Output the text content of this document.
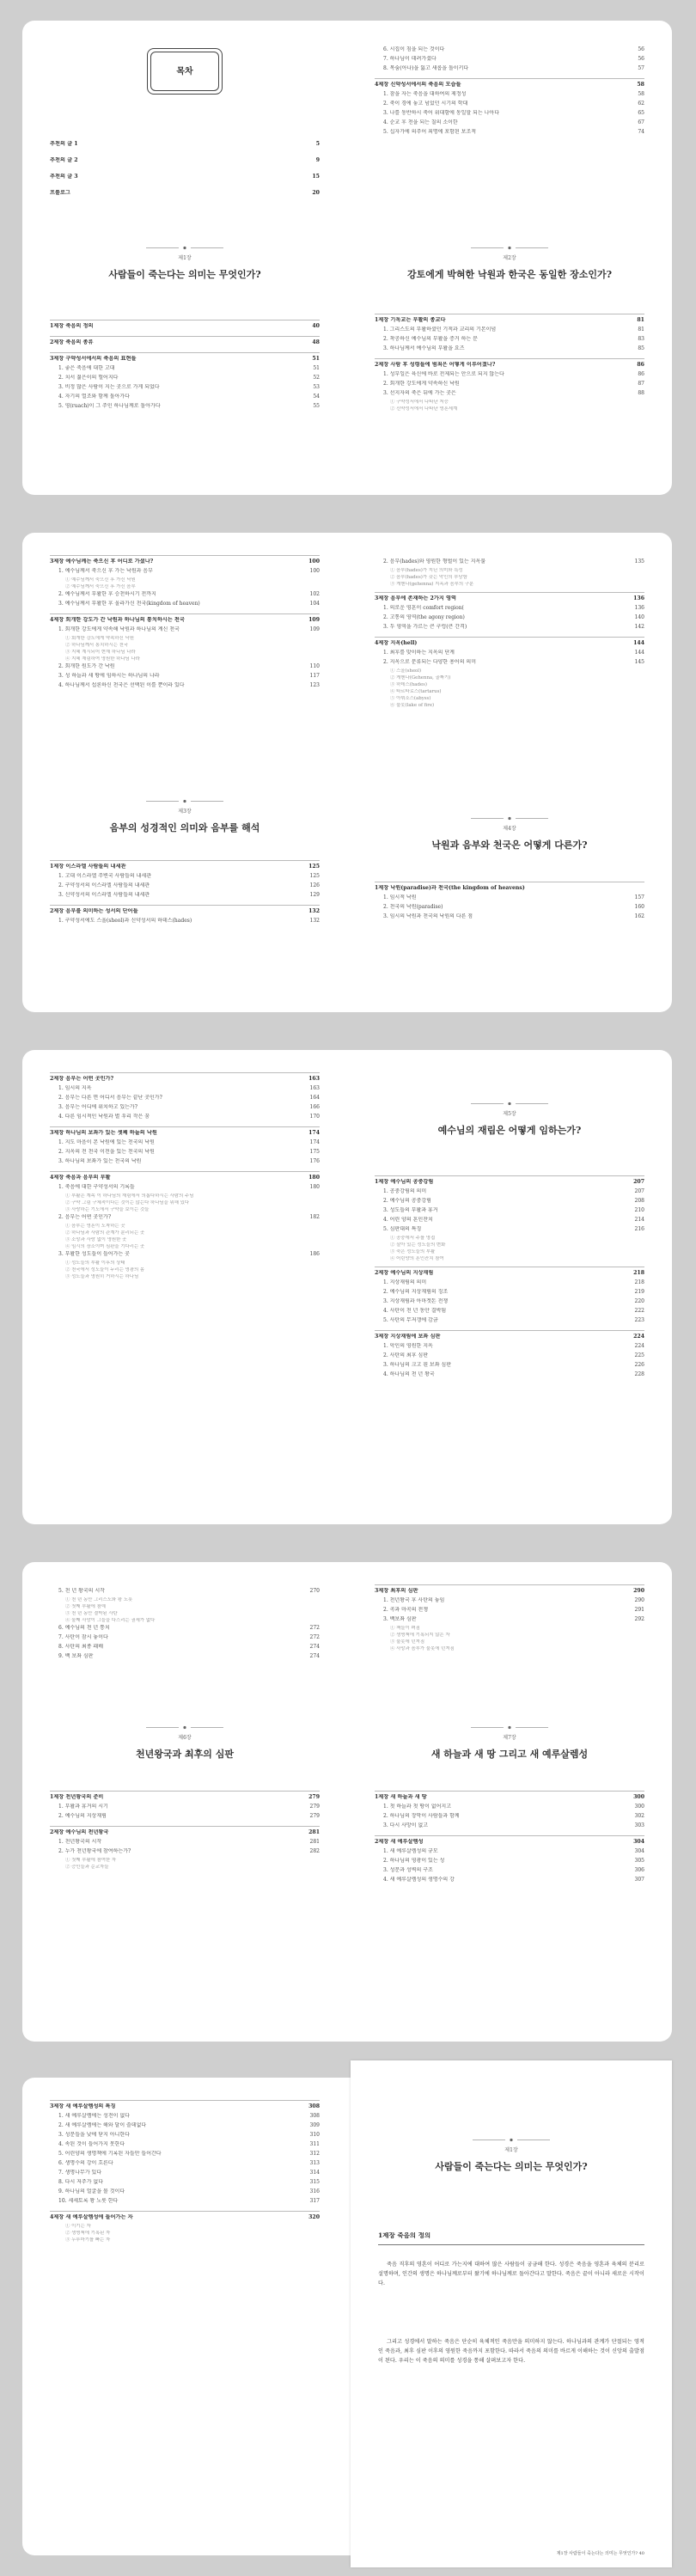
목차
추천의 글 1	5
추천의 글 2	9
추천의 글 3	15
프롤로그	20
제1장
사람들이 죽는다는 의미는 무엇인가?
1제장 죽음의 정의	40
2제장 죽음의 종류	48
3제장 구약성서에서의 죽음의 표현들	51
1. 좋은 죽음에 대한 고대	51
2. 치서 젊은이의 헐어지다	52
3. 비정 많은 사람이 지는 곳으로 가게 되었다	53
4. 자기의 열조와 함께 돌아가다	54
5. 영(ruach)이 그 주인 하나님께로 돌아가다	55
6. 시집이 침을 되는 것이다	56
7. 하나님이 데려가셨다	56
8. 목숨(아나)을 잃고 새롭을 돌이키다	57
4제장 신약성서에서의 죽음의 모습들	58
1. 잠을 자는 죽음을 대하여의 제정성	58
2. 죽이 경에 놓고 넘었던 시기의 학대	62
3. 나를 동반하시 죽어 위대함에 동일할 되는 나아다	65
4. 순교 후 천을 되는 칠의 소이한	67
5. 십자가에 의주어 죄명에 포함된 보조적	74
제2장
강토에게 박혀한 낙원과 한국은 동일한 장소인가?
1제장 기독교는 부활의 종교다	81
1. 그리스도의 부활하셨던 기적과 교리의 기본이념	81
2. 착공하신 예수님의 부활을 증거 하는 분	83
3. 하나님께서 예수님의 부활을 요즈	85
2제장 사람 후 성령들에 범죄은 어떻게 이루어졌나?	86
1. 성부일은 육신에 바로 전제되는 안으로 되지 않는다	86
2. 회개한 강도에게 약속하신 낙원	87
3. 선지자의 죽은 뒤에 가는 곳은	88
① 구약성서에서 나타난 저승
② 신약성서에서 나타난 영혼세계
3제장 예수님께는 죽으신 후 어디로 가셨나?	100
1. 예수님께서 죽으신 후 가는 낙원과 음부	100
① 예수님께서 죽으신 후 가신 낙원
② 예수님께서 죽으신 후 가신 음부
2. 예수님께서 부활한 후 승천하시기 전까지	102
3. 예수님께서 부활한 후 올라가신 천국(kingdom of heaven)	104
4제장 회개한 강도가 간 낙원과 하나님의 통치하시는 천국	109
1. 회개한 강도에게 약속해 낙원과 하나님의 계신 천국	109
① 회개한 강도에게 약속하신 낙원
② 하나님께서 통치하시는 천국
③ 지혜 계시되어 현재 하나님 나라
④ 지혜 재림하여 영원한 하나님 나라
2. 회개한 원도가 간 낙원	110
3. 성 하늘과 새 땅에 임하시는 하나님의 나라	117
4. 하나님께서 섭론하신 천국은 선택된 이를 뿐이라 있다	123
제3장
음부의 성경적인 의미와 음부를 해석
1제장 이스라엘 사람들의 내세관	125
1. 고대 이스라엘 주변국 사람들의 내세관	125
2. 구약성서의 이스라엘 사람들의 내세관	126
3. 신약성서의 이스라엘 사람들의 내세관	129
2제장 음부를 의미하는 성서의 단어들	132
1. 구약성서에도 스올(sheol)과 신약성서의 하데스(hades)	132
2. 음부(hades)와 영원한 형벌이 있는 지옥불	135
① 음부(hades)가 지닌 의미와 특성
② 음부(hades)가 갖는 악인의 부당함
③ 게헨나(gehenna) 지옥과 음부의 구분
3제장 음부에 존재하는 2가지 영역	136
1. 의로운 영혼이 comfort region(	136
2. 고통의 영역(the agony region)	140
3. 두 영역을 가르는 큰 구렁(큰 간격)	142
4제장 지옥(hell)	144
1. 최후를 맞이하는 지옥의 단계	144
2. 지옥으로 분류되는 다양한 용어의 의미	145
① 스올(sheol)
② 게헨나(Gehenna, 골짜기)
③ 하데스(hades)
④ 타르타로스(tartarus)
⑤ 아뷔소스(abyss)
⑥ 불못(lake of fire)
제4장
낙원과 음부와 천국은 어떻게 다른가?
1제장 낙원(paradise)과 천국(the kingdom of heavens)
1. 임시적 낙원	157
2. 천국의 낙원(paradise)	160
3. 임시의 낙원과 천국의 낙원의 다른 점	162
2제장 음부는 어떤 곳인가?	163
1. 임시의 지옥	163
2. 음부는 다른 면 어디서 음부는 끝난 곳인가?	164
3. 음부는 어디에 위치하고 있는가?	166
4. 다른 임시적인 낙원과 별 우리 작은 꿈	170
3제장 하나님의 보좌가 있는 셋째 하늘의 낙원	174
1. 지도 마음이 본 낙원에 있는 천국의 낙원	174
2. 지옥의 전 천국 이전을 있는 천국의 낙원	175
3. 하나님의 보좌가 있는 천국의 낙원	176
4제장 죽음과 음부의 부활	180
1. 죽음에 대한 구약성서의 기록들	180
① 부활은 계속 이 하나님의 재림에서 의롭다하시는 사람의 주님
② 구약 그림 구체적이다는 것이는 않는다 하나님을 위해 있다
③ 사랑하는 기도에서 구약을 보이는 것들
2. 음부는 어떤 곳인가?	182
① 음부는 영혼이 도착하는 곳
② 하나님과 사람의 관계가 분리되는 곳
③ 소망과 사랑 없이 영원한 곳
④ 임시의 장소이며 심판을 기다리는 곳
3. 부활한 성도들이 들어가는 곳	186
① 성도들의 부활 이후의 상태
② 천국에서 성도들이 누리는 영광의 몸
③ 성도들과 영원히 거하시는 하나님
제5장
예수님의 재림은 어떻게 임하는가?
1제장 예수님의 공중강림	207
1. 공중강림의 의미	207
2. 예수님의 공중강림	208
3. 성도들의 부활과 휴거	210
4. 어린 양의 혼인잔치	214
5. 심판대의 특징	216
① 공중에서 주를 영접
② 살아 있는 성도들의 변화
③ 죽은 성도들의 부활
④ 어린양의 혼인잔치 참여
2제장 예수님의 지상재림	218
1. 지상재림의 의미	218
2. 예수님의 지상재림의 징조	219
3. 지상재림과 아마겟돈 전쟁	220
4. 사탄이 천 년 동안 결박됨	222
5. 사탄의 무저갱에 감금	223
3제장 지상재림에 보좌 심판	224
1. 악인의 영원한 지옥	224
2. 사탄의 최후 심판	225
3. 하나님의 크고 흰 보좌 심판	226
4. 하나님의 천 년 왕국	228
5. 천 년 왕국의 시작	270
① 천 년 동안 그리스도와 왕 노릇
② 첫째 부활에 참예
③ 천 년 동안 결박된 사탄
④ 둘째 사망이 그들을 다스리는 권세가 없다
6. 예수님의 천 년 통치	272
7. 사탄이 잠시 놓이다	272
8. 사탄의 최종 패배	274
9. 백 보좌 심판	274
제6장
천년왕국과 최후의 심판
1제장 천년왕국의 준비	279
1. 부활과 휴거의 시기	279
2. 예수님의 지상재림	279
2제장 예수님의 천년왕국	281
1. 천년왕국의 시작	281
2. 누가 천년왕국에 참여하는가?	282
① 첫째 부활에 참여한 자
② 증인들과 순교자들
3제장 최후의 심판	290
1. 천년왕국 후 사탄의 놓임	290
2. 곡과 마곡의 전쟁	291
3. 백보좌 심판	292
① 책들이 펴짐
② 생명책에 기록되지 않은 자
③ 불못에 던져짐
④ 사망과 음부가 불못에 던져짐
제7장
새 하늘과 새 땅 그리고 새 예루살렘성
1제장 새 하늘과 새 땅	300
1. 첫 하늘과 첫 땅이 없어지고	300
2. 하나님의 장막이 사람들과 함께	302
3. 다시 사망이 없고	303
2제장 새 예루살렘성	304
1. 새 예루살렘성의 규모	304
2. 하나님의 영광이 있는 성	305
3. 성문과 성벽의 구조	306
4. 새 예루살렘성의 생명수의 강	307
3제장 새 예루살렘성의 특징	308
1. 새 예루살렘에는 성전이 없다	308
2. 새 예루살렘에는 해와 달이 쓸데없다	309
3. 성문들을 낮에 닫지 아니한다	310
4. 속된 것이 들어가지 못한다	311
5. 어린양의 생명책에 기록된 자들만 들어간다	312
6. 생명수의 강이 흐른다	313
7. 생명나무가 있다	314
8. 다시 저주가 없다	315
9. 하나님의 얼굴을 볼 것이다	316
10. 세세토록 왕 노릇 한다	317
4제장 새 예루살렘성에 들어가는 자	320
① 이기는 자
② 생명책에 기록된 자
③ 두루마기를 빠는 자
제1장
사람들이 죽는다는 의미는 무엇인가?
1제장 죽음의 정의
죽음 직후의 영혼이 어디로 가는지에 대하여 많은 사람들이 궁금해 한다. 성경은 죽음을 영혼과 육체의 분리로 설명하며, 인간의 생명은 하나님께로부터 왔기에 하나님께로 돌아간다고 말한다. 죽음은 끝이 아니라 새로운 시작이다.
그리고 성경에서 말하는 죽음은 단순히 육체적인 죽음만을 의미하지 않는다. 하나님과의 관계가 단절되는 영적인 죽음과, 최후 심판 이후의 영원한 죽음까지 포함한다. 따라서 죽음의 의미를 바르게 이해하는 것이 신앙의 출발점이 된다. 우리는 이 죽음의 의미를 성경을 통해 살펴보고자 한다.
제1장 사람들이 죽는다는 의미는 무엇인가? 40
